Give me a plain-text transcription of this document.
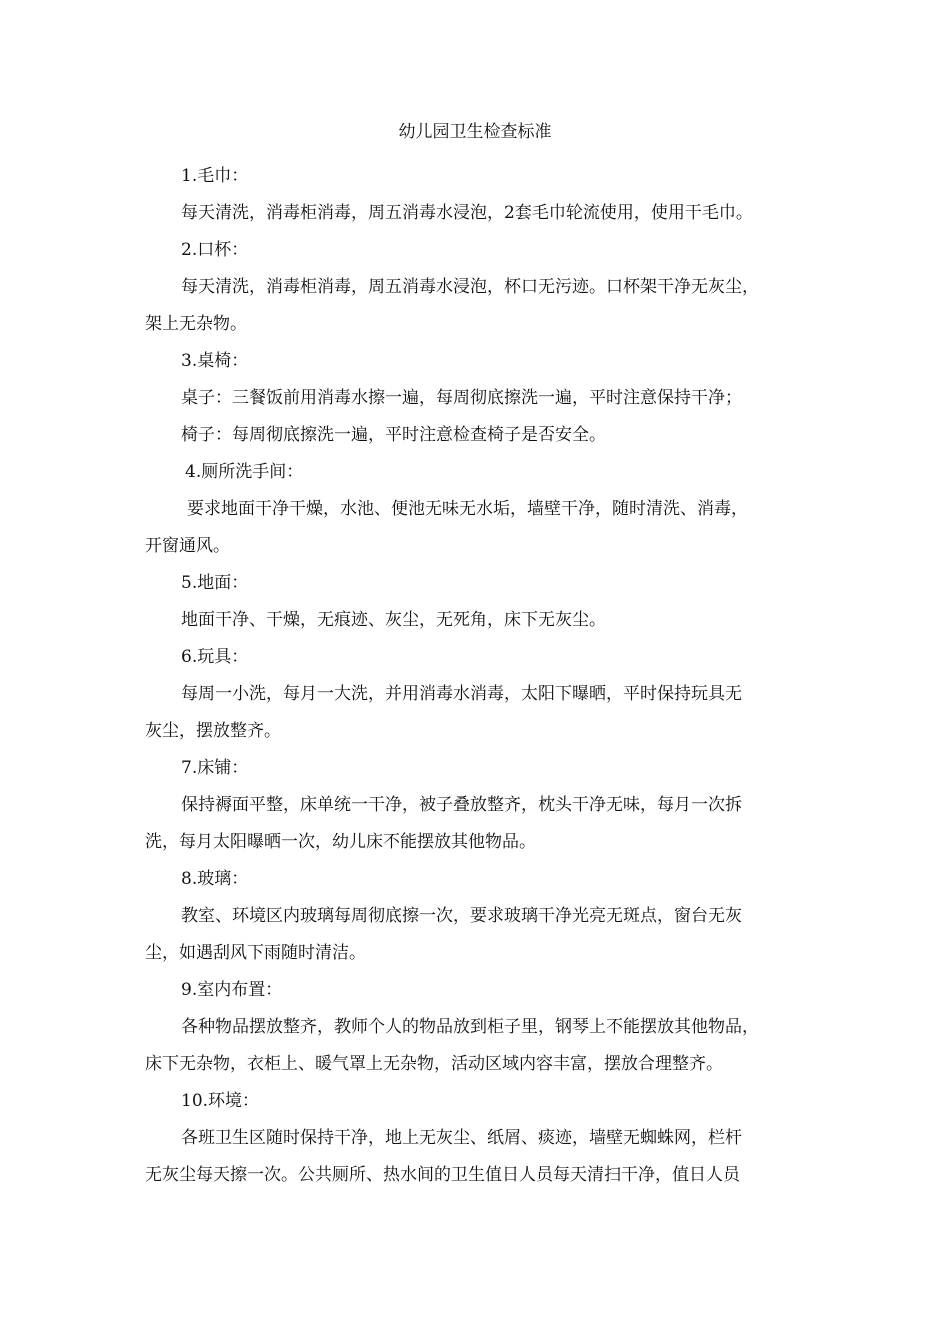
幼儿园卫生检查标准
1.毛巾：
每天清洗，消毒柜消毒，周五消毒水浸泡，2套毛巾轮流使用，使用干毛巾。
2.口杯：
每天清洗，消毒柜消毒，周五消毒水浸泡，杯口无污迹。口杯架干净无灰尘，
架上无杂物。
3.桌椅：
桌子：三餐饭前用消毒水擦一遍，每周彻底擦洗一遍，平时注意保持干净；
椅子：每周彻底擦洗一遍，平时注意检查椅子是否安全。
4.厕所洗手间：
要求地面干净干燥，水池、便池无味无水垢，墙壁干净，随时清洗、消毒，
开窗通风。
5.地面：
地面干净、干燥，无痕迹、灰尘，无死角，床下无灰尘。
6.玩具：
每周一小洗，每月一大洗，并用消毒水消毒，太阳下曝晒，平时保持玩具无
灰尘，摆放整齐。
7.床铺：
保持褥面平整，床单统一干净，被子叠放整齐，枕头干净无味，每月一次拆
洗，每月太阳曝晒一次，幼儿床不能摆放其他物品。
8.玻璃：
教室、环境区内玻璃每周彻底擦一次，要求玻璃干净光亮无斑点，窗台无灰
尘，如遇刮风下雨随时清洁。
9.室内布置：
各种物品摆放整齐，教师个人的物品放到柜子里，钢琴上不能摆放其他物品，
床下无杂物，衣柜上、暖气罩上无杂物，活动区域内容丰富，摆放合理整齐。
10.环境：
各班卫生区随时保持干净，地上无灰尘、纸屑、痰迹，墙壁无蜘蛛网，栏杆
无灰尘每天擦一次。公共厕所、热水间的卫生值日人员每天清扫干净，值日人员
